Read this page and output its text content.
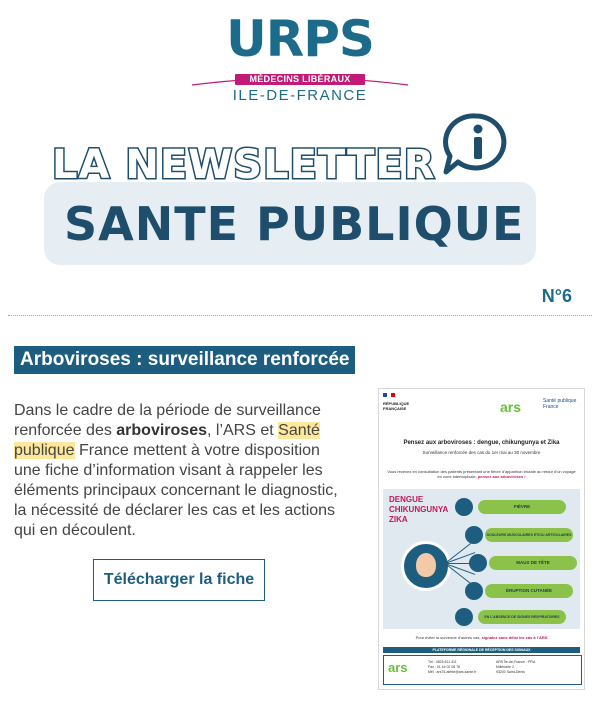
URPS
MÉDECINS LIBÉRAUX
ILE-DE-FRANCE
LA NEWSLETTER
SANTE PUBLIQUE
N°6
Arboviroses : surveillance renforcée
Dans le cadre de la période de surveillance renforcée des arboviroses, l’ARS et Santé publique France mettent à votre disposition une fiche d’information visant à rappeler les éléments principaux concernant le diagnostic, la nécessité de déclarer les cas et les actions qui en découlent.
Télécharger la fiche
RÉPUBLIQUE FRANÇAISE	ars	Santé publique France
Pensez aux arboviroses : dengue, chikungunya et Zika
Surveillance renforcée des cas du 1er mai au 30 novembre
Vous recevez en consultation des patients présentant une fièvre d’apparition brutale au retour d’un voyage en zone intertropicale, pensez aux arboviroses !
DENGUE
CHIKUNGUNYA
ZIKA
FIÈVRE
DOULEURS MUSCULAIRES ET/OU ARTICULAIRES
MAUX DE TÊTE
ÉRUPTION CUTANÉE
EN L’ABSENCE DE SIGNES RESPIRATOIRES
Pour éviter la survenue d’autres cas, signalez sans délai les cas à l’ARS
PLATEFORME RÉGIONALE DE RÉCEPTION DES SIGNAUX
ars	Tél : 0825 811 411
Fax : 01 44 02 06 76
Mél : ars75-alerte@ars.sante.fr
ARS Île-de-France - PRA
Millénaire 2
93200 Saint-Denis
